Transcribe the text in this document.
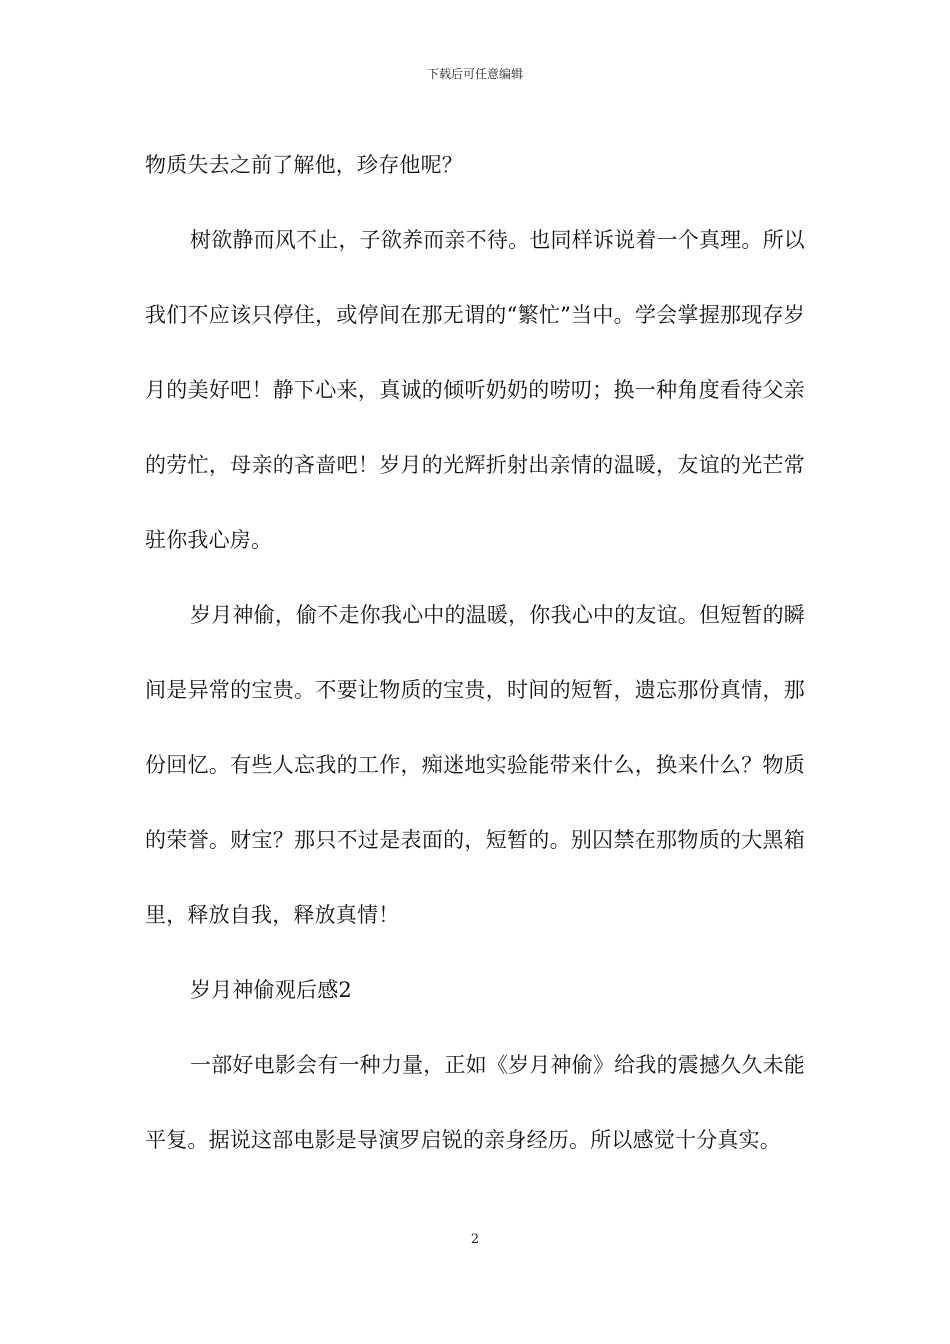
下载后可任意编辑

物质失去之前了解他，珍存他呢？

树欲静而风不止，子欲养而亲不待。也同样诉说着一个真理。所以我们不应该只停住，或停间在那无谓的“繁忙”当中。学会掌握那现存岁月的美好吧！静下心来，真诚的倾听奶奶的唠叨；换一种角度看待父亲的劳忙，母亲的吝啬吧！岁月的光辉折射出亲情的温暖，友谊的光芒常驻你我心房。

岁月神偷，偷不走你我心中的温暖，你我心中的友谊。但短暂的瞬间是异常的宝贵。不要让物质的宝贵，时间的短暂，遗忘那份真情，那份回忆。有些人忘我的工作，痴迷地实验能带来什么，换来什么？物质的荣誉。财宝？那只不过是表面的，短暂的。别囚禁在那物质的大黑箱里，释放自我，释放真情！

岁月神偷观后感2

一部好电影会有一种力量，正如《岁月神偷》给我的震撼久久未能平复。据说这部电影是导演罗启锐的亲身经历。所以感觉十分真实。

2
